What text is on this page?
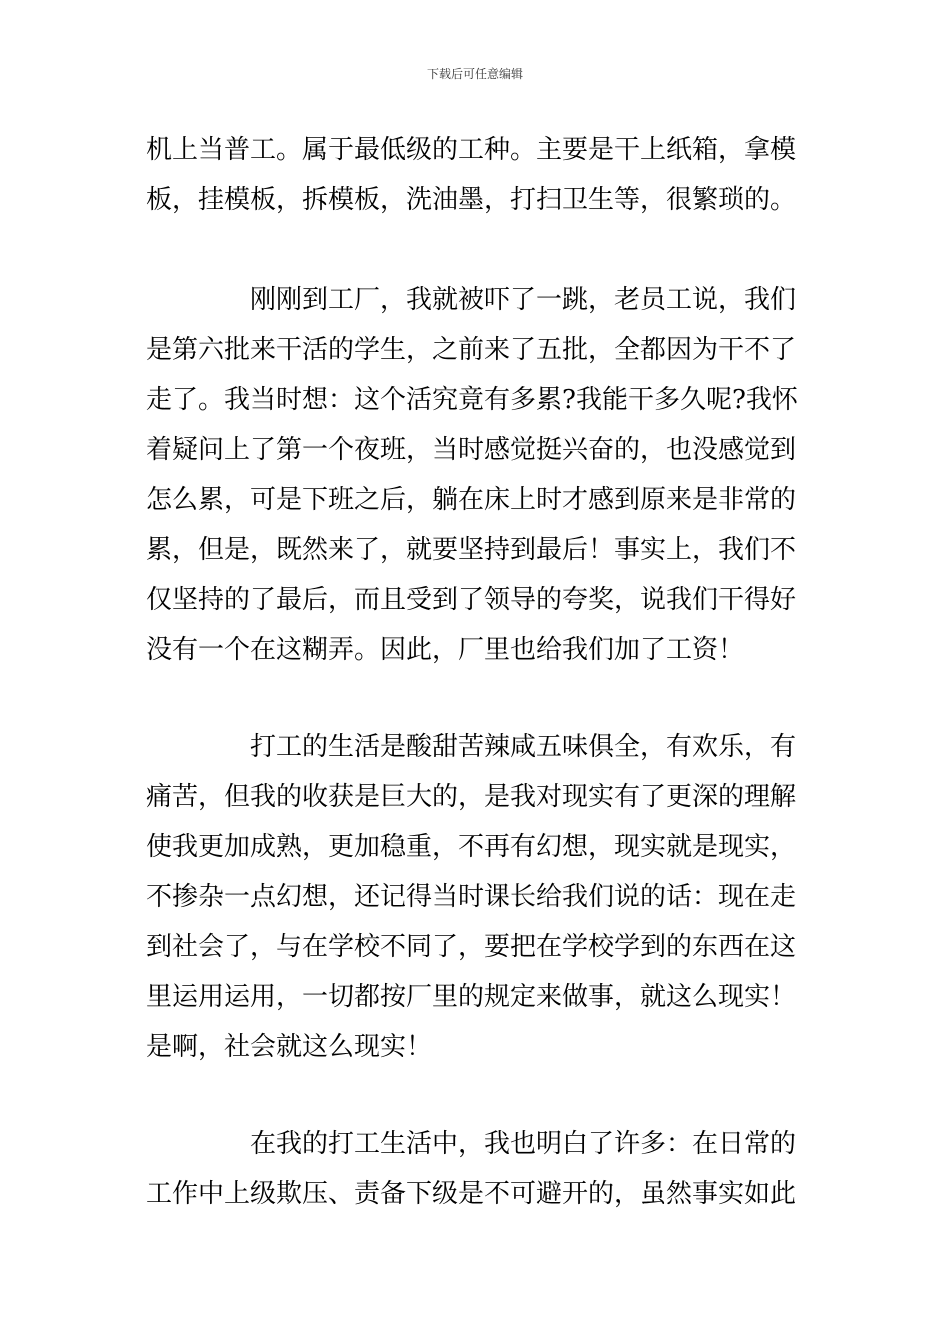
下载后可任意编辑
机上当普工。属于最低级的工种。主要是干上纸箱，拿模
板，挂模板，拆模板，洗油墨，打扫卫生等，很繁琐的。
刚刚到工厂，我就被吓了一跳，老员工说，我们
是第六批来干活的学生，之前来了五批，全都因为干不了
走了。我当时想：这个活究竟有多累?我能干多久呢?我怀
着疑问上了第一个夜班，当时感觉挺兴奋的，也没感觉到
怎么累，可是下班之后，躺在床上时才感到原来是非常的
累，但是，既然来了，就要坚持到最后！事实上，我们不
仅坚持的了最后，而且受到了领导的夸奖，说我们干得好
没有一个在这糊弄。因此，厂里也给我们加了工资！
打工的生活是酸甜苦辣咸五味俱全，有欢乐，有
痛苦，但我的收获是巨大的，是我对现实有了更深的理解
使我更加成熟，更加稳重，不再有幻想，现实就是现实，
不掺杂一点幻想，还记得当时课长给我们说的话：现在走
到社会了，与在学校不同了，要把在学校学到的东西在这
里运用运用，一切都按厂里的规定来做事，就这么现实！
是啊，社会就这么现实！
在我的打工生活中，我也明白了许多：在日常的
工作中上级欺压、责备下级是不可避开的，虽然事实如此
